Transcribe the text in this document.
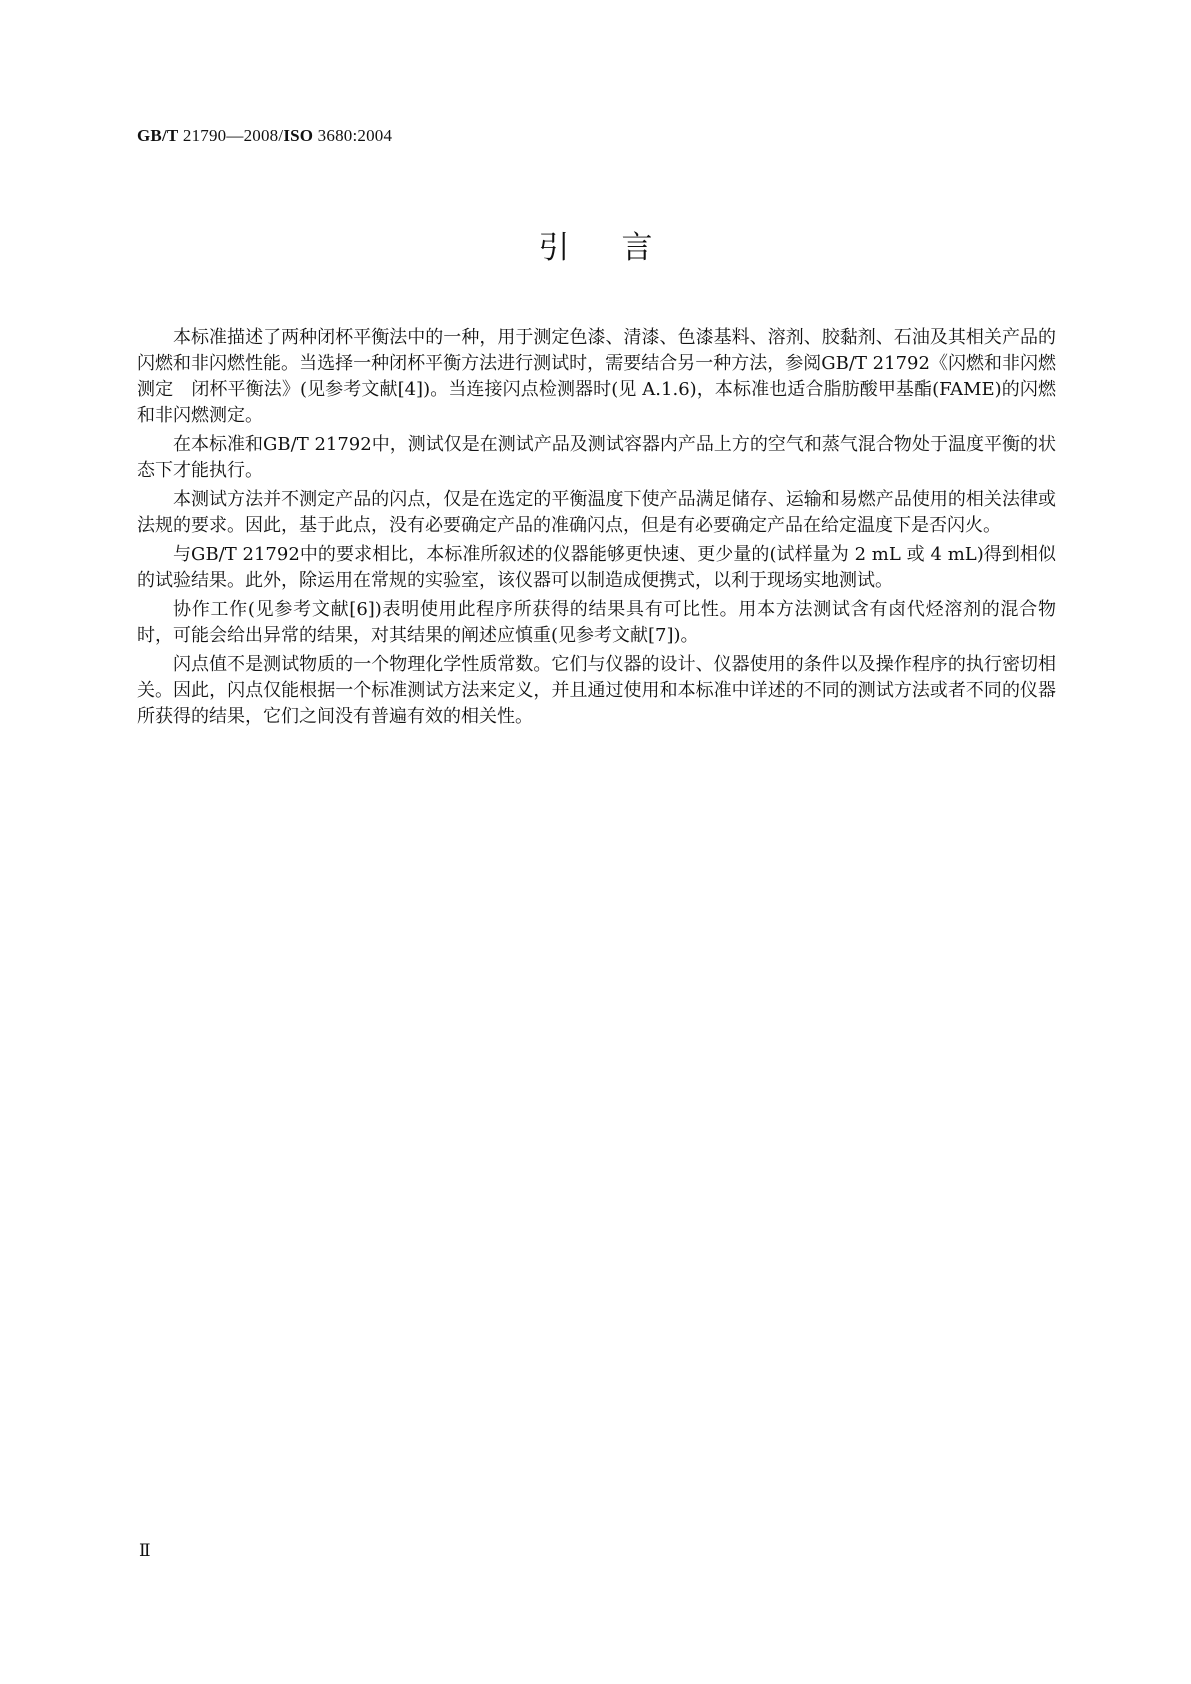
GB/T 21790—2008/ISO 3680:2004
引言

本标准描述了两种闭杯平衡法中的一种，用于测定色漆、清漆、色漆基料、溶剂、胶黏剂、石油及其相关产品的闪燃和非闪燃性能。当选择一种闭杯平衡方法进行测试时，需要结合另一种方法，参阅GB/T 21792《闪燃和非闪燃测定　闭杯平衡法》(见参考文献[4])。当连接闪点检测器时(见 A.1.6)，本标准也适合脂肪酸甲基酯(FAME)的闪燃和非闪燃测定。

在本标准和GB/T 21792中，测试仅是在测试产品及测试容器内产品上方的空气和蒸气混合物处于温度平衡的状态下才能执行。

本测试方法并不测定产品的闪点，仅是在选定的平衡温度下使产品满足储存、运输和易燃产品使用的相关法律或法规的要求。因此，基于此点，没有必要确定产品的准确闪点，但是有必要确定产品在给定温度下是否闪火。

与GB/T 21792中的要求相比，本标准所叙述的仪器能够更快速、更少量的(试样量为 2 mL 或 4 mL)得到相似的试验结果。此外，除运用在常规的实验室，该仪器可以制造成便携式，以利于现场实地测试。

协作工作(见参考文献[6])表明使用此程序所获得的结果具有可比性。用本方法测试含有卤代烃溶剂的混合物时，可能会给出异常的结果，对其结果的阐述应慎重(见参考文献[7])。

闪点值不是测试物质的一个物理化学性质常数。它们与仪器的设计、仪器使用的条件以及操作程序的执行密切相关。因此，闪点仅能根据一个标准测试方法来定义，并且通过使用和本标准中详述的不同的测试方法或者不同的仪器所获得的结果，它们之间没有普遍有效的相关性。

Ⅱ
